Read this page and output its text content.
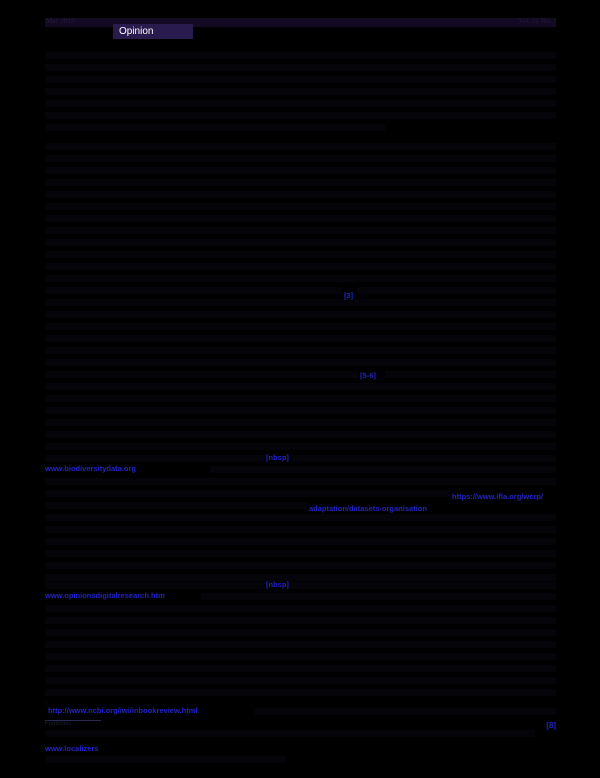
Mar 2019	Vol. 12 No. 3
Opinion
[3]
[5-6]
[nbsp]
[nbsp]
www.biodiversitydata.org
https://www.ifla.org/wcrp/
adaptation/datasets-organisation
www.opinionsdigitalresearch.htm
http://www.ncbi.org/iwi/inbookreview.html
www.localizers
Footnotes	[8]
